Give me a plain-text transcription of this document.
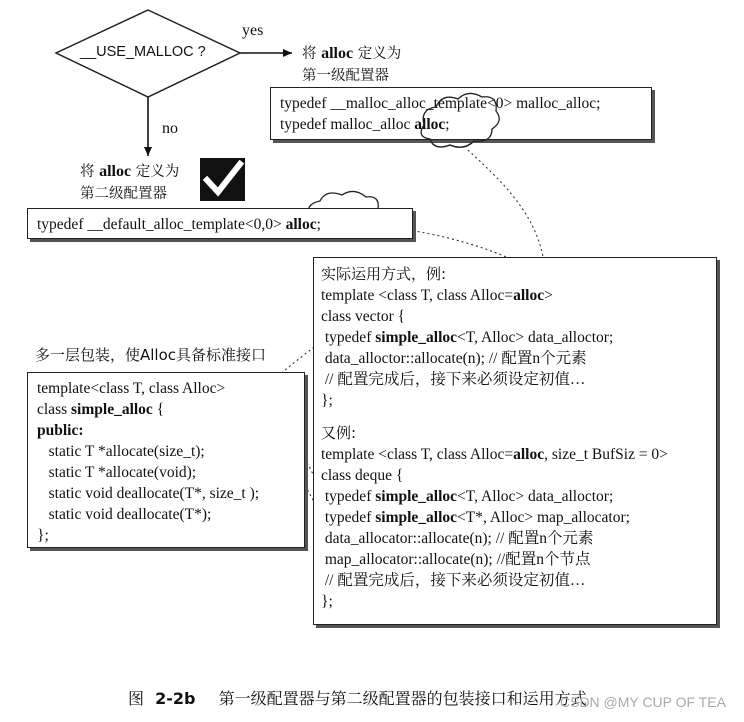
__USE_MALLOC ?
yes
no
将 alloc 定义为
第一级配置器
typedef __malloc_alloc_template<0> malloc_alloc;
typedef malloc_alloc alloc;
将 alloc 定义为
第二级配置器
typedef __default_alloc_template<0,0> alloc;
多一层包装，使Alloc具备标准接口
template<class T, class Alloc>
class simple_alloc {
public:
static T *allocate(size_t);
static T *allocate(void);
static void deallocate(T*, size_t );
static void deallocate(T*);
};
实际运用方式，例:
template <class T, class Alloc=alloc>
class vector {
typedef simple_alloc<T, Alloc> data_alloctor;
data_alloctor::allocate(n); // 配置n个元素
// 配置完成后，接下来必须设定初值…
};
又例:
template <class T, class Alloc=alloc, size_t BufSiz = 0>
class deque {
typedef simple_alloc<T, Alloc> data_alloctor;
typedef simple_alloc<T*, Alloc> map_allocator;
data_allocator::allocate(n); // 配置n个元素
map_allocator::allocate(n); //配置n个节点
// 配置完成后，接下来必须设定初值…
};
图 2-2b 第一级配置器与第二级配置器的包装接口和运用方式
CSDN @MY CUP OF TEA
